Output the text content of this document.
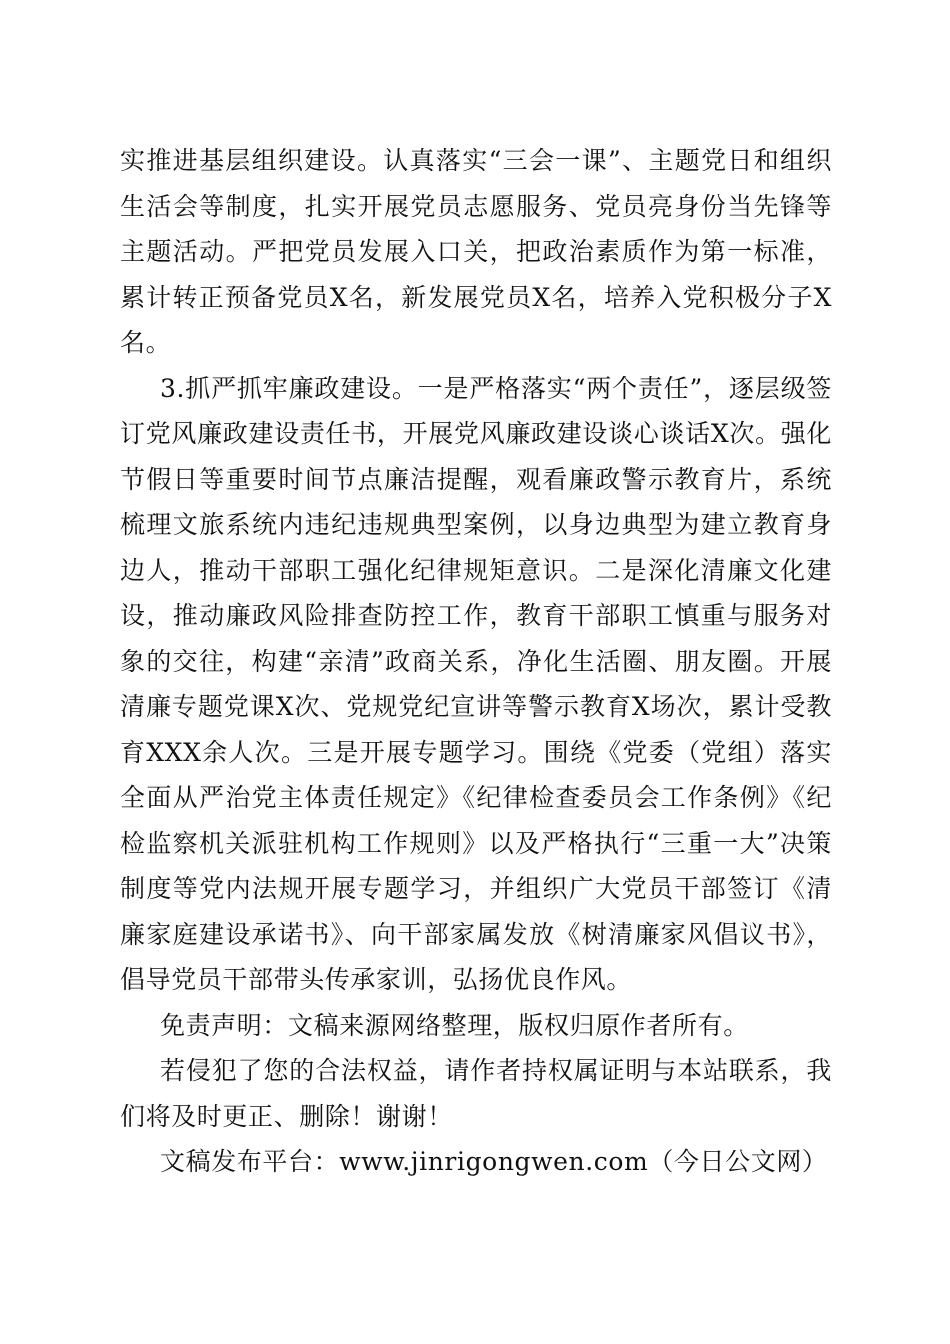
实推进基层组织建设。认真落实“三会一课”、主题党日和组织生活会等制度，扎实开展党员志愿服务、党员亮身份当先锋等主题活动。严把党员发展入口关，把政治素质作为第一标准，累计转正预备党员X名，新发展党员X名，培养入党积极分子X名。

3.抓严抓牢廉政建设。一是严格落实“两个责任”，逐层级签订党风廉政建设责任书，开展党风廉政建设谈心谈话X次。强化节假日等重要时间节点廉洁提醒，观看廉政警示教育片，系统梳理文旅系统内违纪违规典型案例，以身边典型为建立教育身边人，推动干部职工强化纪律规矩意识。二是深化清廉文化建设，推动廉政风险排查防控工作，教育干部职工慎重与服务对象的交往，构建“亲清”政商关系，净化生活圈、朋友圈。开展清廉专题党课X次、党规党纪宣讲等警示教育X场次，累计受教育XXX余人次。三是开展专题学习。围绕《党委（党组）落实全面从严治党主体责任规定》《纪律检查委员会工作条例》《纪检监察机关派驻机构工作规则》以及严格执行“三重一大”决策制度等党内法规开展专题学习，并组织广大党员干部签订《清廉家庭建设承诺书》、向干部家属发放《树清廉家风倡议书》，倡导党员干部带头传承家训，弘扬优良作风。

免责声明：文稿来源网络整理，版权归原作者所有。

若侵犯了您的合法权益，请作者持权属证明与本站联系，我们将及时更正、删除！谢谢！

文稿发布平台：www.jinrigongwen.com（今日公文网）
